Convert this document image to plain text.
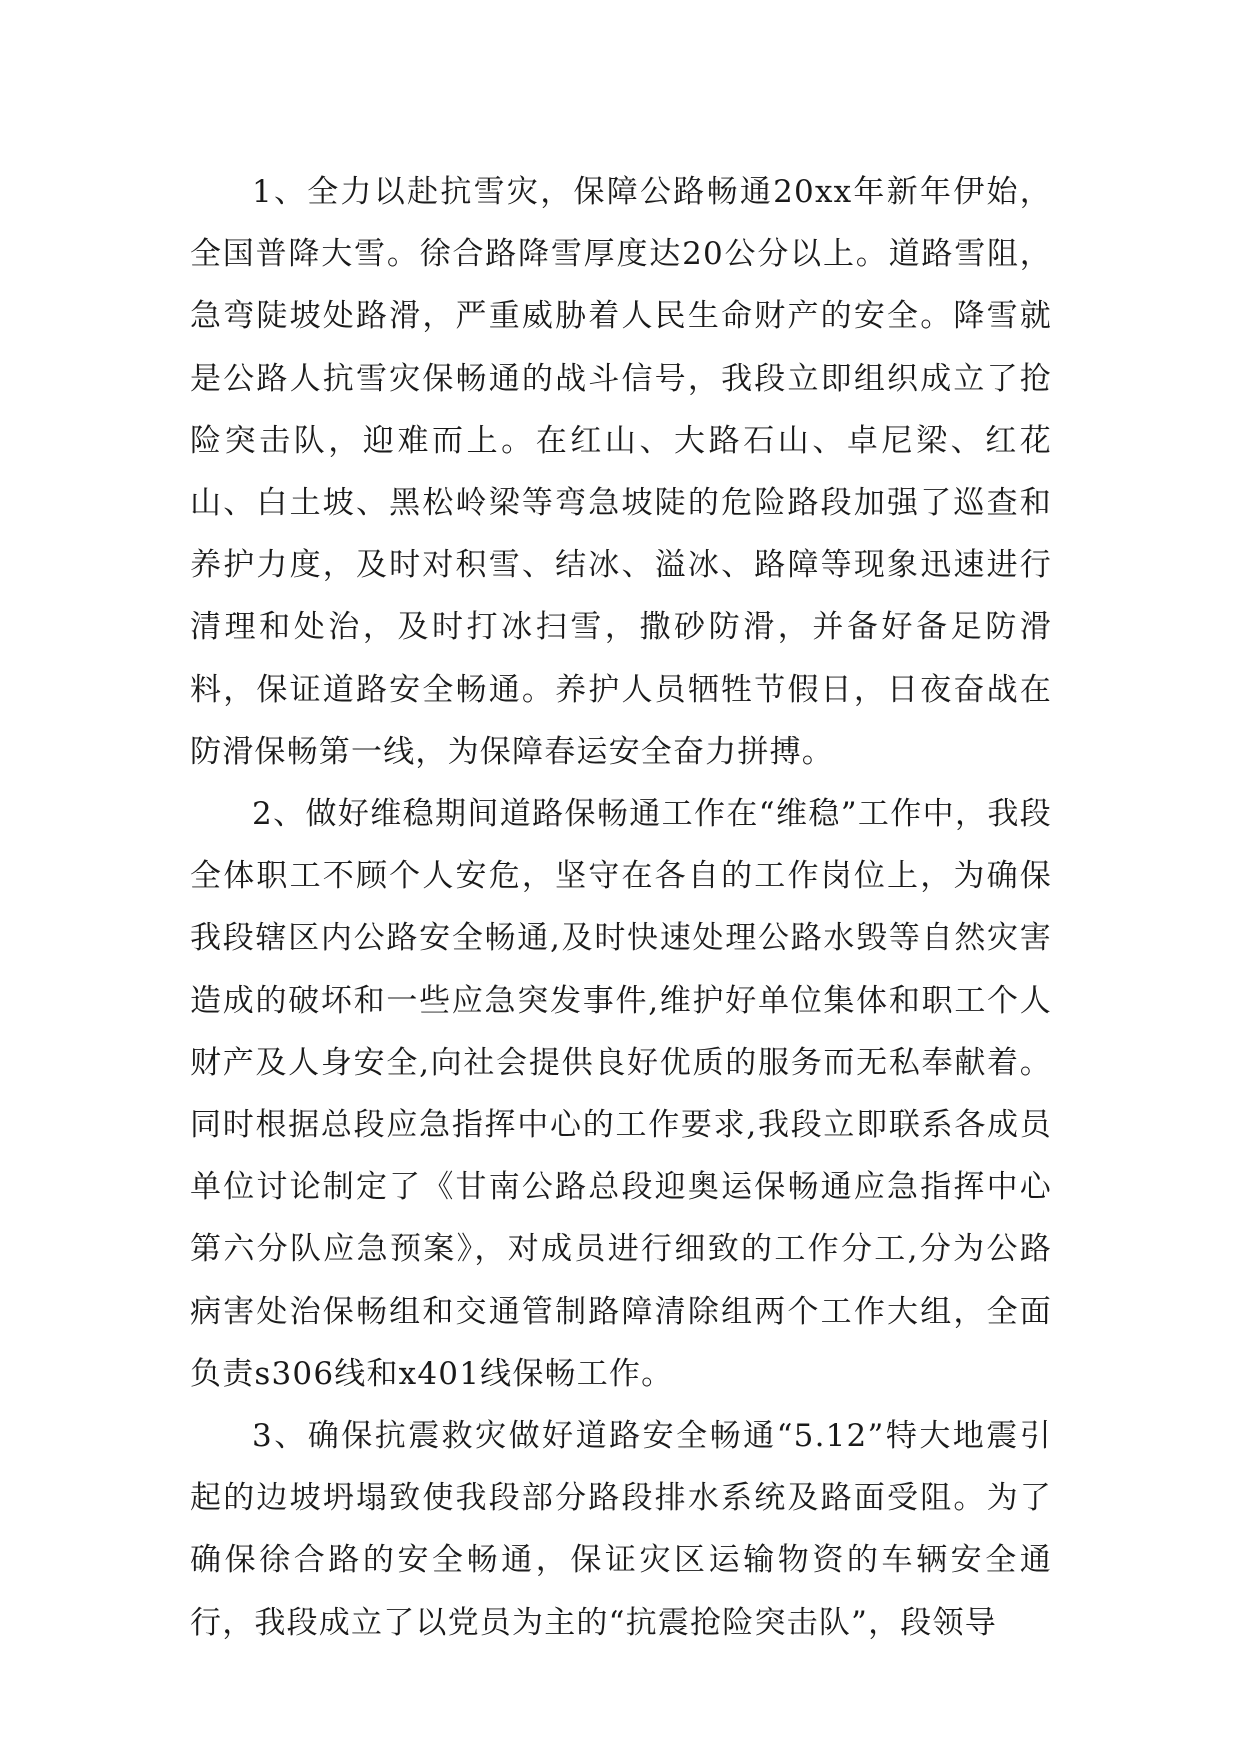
1、全力以赴抗雪灾，保障公路畅通20xx年新年伊始，全国普降大雪。徐合路降雪厚度达20公分以上。道路雪阻，急弯陡坡处路滑，严重威胁着人民生命财产的安全。降雪就是公路人抗雪灾保畅通的战斗信号，我段立即组织成立了抢险突击队，迎难而上。在红山、大路石山、卓尼梁、红花山、白土坡、黑松岭梁等弯急坡陡的危险路段加强了巡查和养护力度，及时对积雪、结冰、溢冰、路障等现象迅速进行清理和处治，及时打冰扫雪，撒砂防滑，并备好备足防滑料，保证道路安全畅通。养护人员牺牲节假日，日夜奋战在防滑保畅第一线，为保障春运安全奋力拼搏。

2、做好维稳期间道路保畅通工作在“维稳”工作中，我段全体职工不顾个人安危，坚守在各自的工作岗位上，为确保我段辖区内公路安全畅通,及时快速处理公路水毁等自然灾害造成的破坏和一些应急突发事件,维护好单位集体和职工个人财产及人身安全,向社会提供良好优质的服务而无私奉献着。同时根据总段应急指挥中心的工作要求,我段立即联系各成员单位讨论制定了《甘南公路总段迎奥运保畅通应急指挥中心第六分队应急预案》，对成员进行细致的工作分工,分为公路病害处治保畅组和交通管制路障清除组两个工作大组，全面负责s306线和x401线保畅工作。

3、确保抗震救灾做好道路安全畅通“5.12”特大地震引起的边坡坍塌致使我段部分路段排水系统及路面受阻。为了确保徐合路的安全畅通，保证灾区运输物资的车辆安全通行，我段成立了以党员为主的“抗震抢险突击队”，段领导
